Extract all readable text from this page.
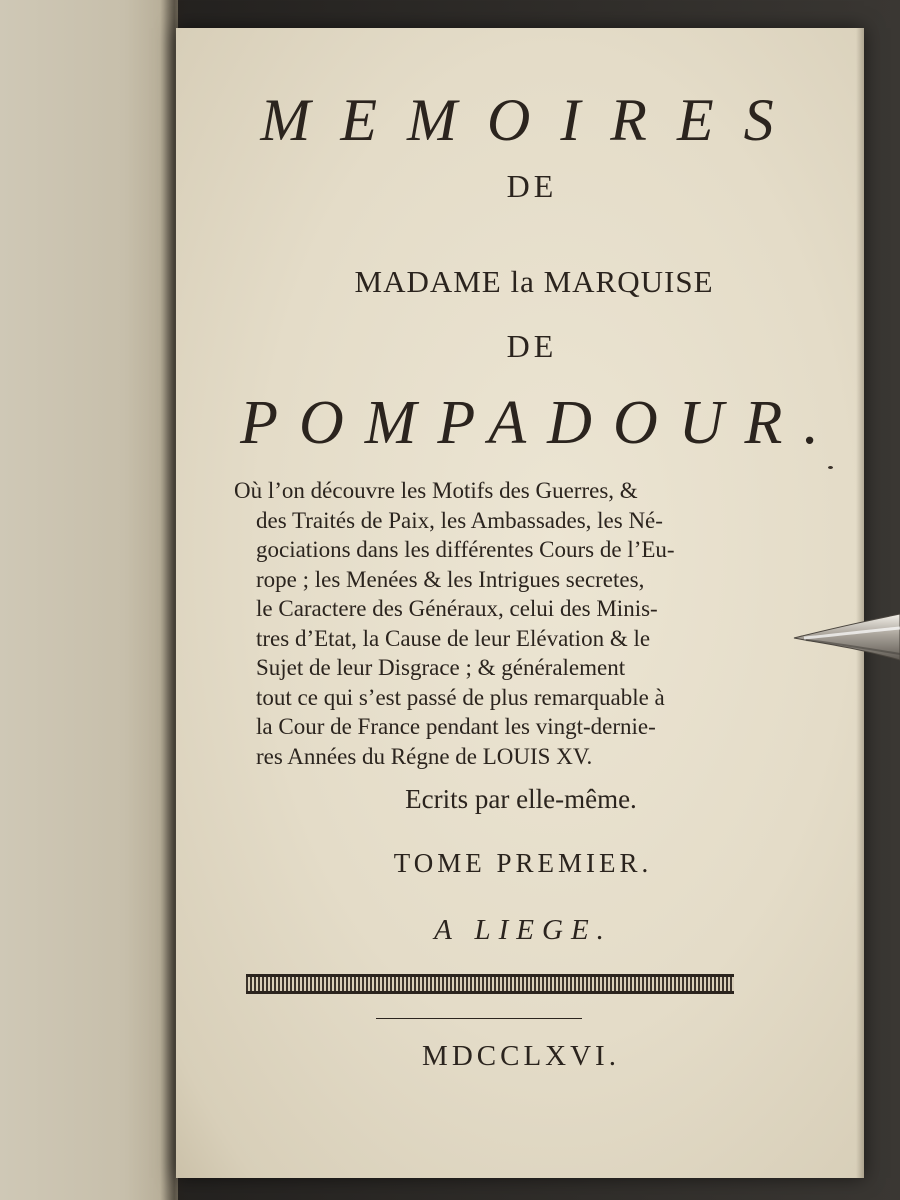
MEMOIRES
DE
MADAME la MARQUISE
DE
POMPADOUR.
Où l’on découvre les Motifs des Guerres, &
des Traités de Paix, les Ambassades, les Né-
gociations dans les différentes Cours de l’Eu-
rope ; les Menées & les Intrigues secretes,
le Caractere des Généraux, celui des Minis-
tres d’Etat, la Cause de leur Elévation & le
Sujet de leur Disgrace ; & généralement
tout ce qui s’est passé de plus remarquable à
la Cour de France pendant les vingt-dernie-
res Années du Régne de LOUIS XV.
Ecrits par elle-même.
TOME PREMIER.
A LIEGE.
MDCCLXVI.
